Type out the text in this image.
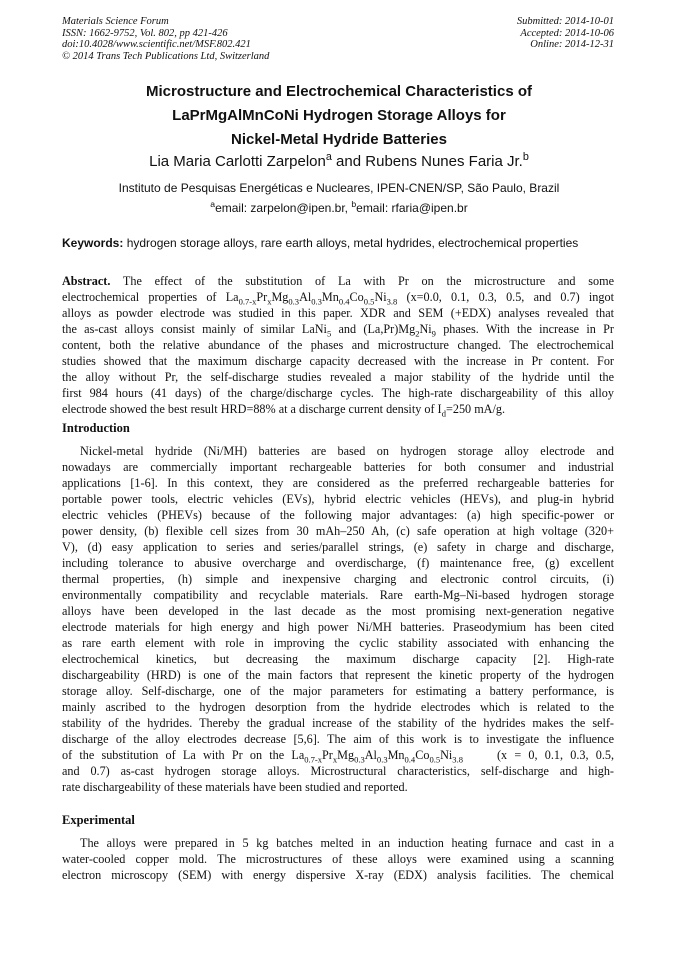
Materials Science Forum
ISSN: 1662-9752, Vol. 802, pp 421-426
doi:10.4028/www.scientific.net/MSF.802.421
© 2014 Trans Tech Publications Ltd, Switzerland
Submitted: 2014-10-01
Accepted: 2014-10-06
Online: 2014-12-31
Microstructure and Electrochemical Characteristics of
LaPrMgAlMnCoNi Hydrogen Storage Alloys for
Nickel-Metal Hydride Batteries
Lia Maria Carlotti Zarpelon$^a$ and Rubens Nunes Faria Jr.$^b$
Instituto de Pesquisas Energéticas e Nucleares, IPEN-CNEN/SP, São Paulo, Brazil
$^a$email: zarpelon@ipen.br, $^b$email: rfaria@ipen.br
Keywords: hydrogen storage alloys, rare earth alloys, metal hydrides, electrochemical properties
Abstract. The effect of the substitution of La with Pr on the microstructure and some
electrochemical properties of $La_{0.7-x}Pr_xMg_{0.3}Al_{0.3}Mn_{0.4}Co_{0.5}Ni_{3.8}$ (x=0.0, 0.1, 0.3, 0.5, and 0.7) ingot
alloys as powder electrode was studied in this paper. XDR and SEM (+EDX) analyses revealed that
the as-cast alloys consist mainly of similar LaNi$_5$ and $(La,Pr)Mg_2Ni_9$ phases. With the increase in Pr
content, both the relative abundance of the phases and microstructure changed. The electrochemical
studies showed that the maximum discharge capacity decreased with the increase in Pr content. For
the alloy without Pr, the self-discharge studies revealed a major stability of the hydride until the
first 984 hours (41 days) of the charge/discharge cycles. The high-rate dischargeability of this alloy
electrode showed the best result HRD=88% at a discharge current density of $I_d=250$ mA/g.
Introduction
Nickel-metal hydride (Ni/MH) batteries are based on hydrogen storage alloy electrode and
nowadays are commercially important rechargeable batteries for both consumer and industrial
applications [1-6]. In this context, they are considered as the preferred rechargeable batteries for
portable power tools, electric vehicles (EVs), hybrid electric vehicles (HEVs), and plug-in hybrid
electric vehicles (PHEVs) because of the following major advantages: (a) high specific-power or
power density, (b) flexible cell sizes from 30 mAh–250 Ah, (c) safe operation at high voltage (320+
V), (d) easy application to series and series/parallel strings, (e) safety in charge and discharge,
including tolerance to abusive overcharge and overdischarge, (f) maintenance free, (g) excellent
thermal properties, (h) simple and inexpensive charging and electronic control circuits, (i)
environmentally compatibility and recyclable materials. Rare earth-Mg–Ni-based hydrogen storage
alloys have been developed in the last decade as the most promising next-generation negative
electrode materials for high energy and high power Ni/MH batteries. Praseodymium has been cited
as rare earth element with role in improving the cyclic stability associated with enhancing the
electrochemical kinetics, but decreasing the maximum discharge capacity [2]. High-rate
dischargeability (HRD) is one of the main factors that represent the kinetic property of the hydrogen
storage alloy. Self-discharge, one of the major parameters for estimating a battery performance, is
mainly ascribed to the hydrogen desorption from the hydride electrodes which is related to the
stability of the hydrides. Thereby the gradual increase of the stability of the hydrides makes the self-
discharge of the alloy electrodes decrease [5,6]. The aim of this work is to investigate the influence
of the substitution of La with Pr on the $La_{0.7-x}Pr_xMg_{0.3}Al_{0.3}Mn_{0.4}Co_{0.5}Ni_{3.8}$	(x = 0, 0.1, 0.3, 0.5,
and 0.7) as-cast hydrogen storage alloys. Microstructural characteristics, self-discharge and high-
rate dischargeability of these materials have been studied and reported.
Experimental
The alloys were prepared in 5 kg batches melted in an induction heating furnace and cast in a
water-cooled copper mold. The microstructures of these alloys were examined using a scanning
electron microscopy (SEM) with energy dispersive X-ray (EDX) analysis facilities. The chemical
